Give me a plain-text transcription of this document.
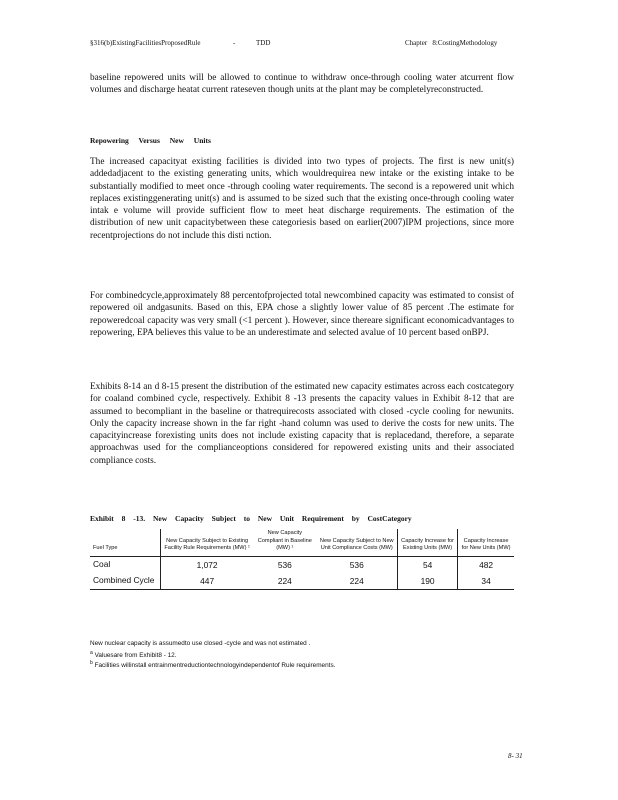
§316(b)ExistingFacilitiesProposedRule	-	TDD	Chapter   8:CostingMethodology

baseline repowered units will be allowed to continue to withdraw once-through cooling water atcurrent flow volumes and discharge heatat current rateseven though units at the plant may be completelyreconstructed.

Repowering Versus New Units

The increased capacityat existing facilities is divided into two types of projects. The first is new unit(s) addedadjacent to the existing generating units, which wouldrequirea new intake or the existing intake to be substantially modified to meet once -through cooling water requirements. The second is a repowered unit which replaces existinggenerating unit(s) and is assumed to be sized such that the existing once-through cooling water intak e volume will provide sufficient flow to meet heat discharge requirements. The estimation of the distribution of new unit capacitybetween these categoriesis based on earlier(2007)IPM projections, since more recentprojections do not include this disti nction.

For combinedcycle,approximately 88 percentofprojected total newcombined capacity was estimated to consist of repowered oil andgasunits. Based on this, EPA chose a slightly lower value of 85 percent .The estimate for repoweredcoal capacity was very small (<1 percent ). However, since thereare significant economicadvantages to repowering, EPA believes this value to be an underestimate and selected avalue of 10 percent based onBPJ.

Exhibits 8-14 an d 8-15 present the distribution of the estimated new capacity estimates across each costcategory for coaland combined cycle, respectively. Exhibit 8 -13 presents the capacity values in Exhibit 8-12 that are assumed to becompliant in the baseline or thatrequirecosts associated with closed -cycle cooling for newunits. Only the capacity increase shown in the far right -hand column was used to derive the costs for new units. The capacityincrease forexisting units does not include existing capacity that is replacedand, therefore, a separate approachwas used for the complianceoptions considered for repowered existing units and their associated compliance costs.

Exhibit 8 -13. New Capacity Subject to New Unit Requirement by CostCategory
Fuel Type	New Capacity Subject to Existing Facility Rule Requirements (MW) ¹	New Capacity Compliant in Baseline (MW) ¹	New Capacity Subject to New Unit Compliance Costs (MW)	Capacity Increase for Existing Units (MW)	Capacity Increase for New Units (MW)
Coal	1,072	536	536	54	482
Combined Cycle	447	224	224	190	34
New nuclear capacity is assumedto use closed -cycle and was not estimated .
$^a$ Valuesare from Exhibit8 - 12.
$^b$ Facilities willinstall entrainmentreductiontechnologyindependentof Rule requirements.
8- 31
